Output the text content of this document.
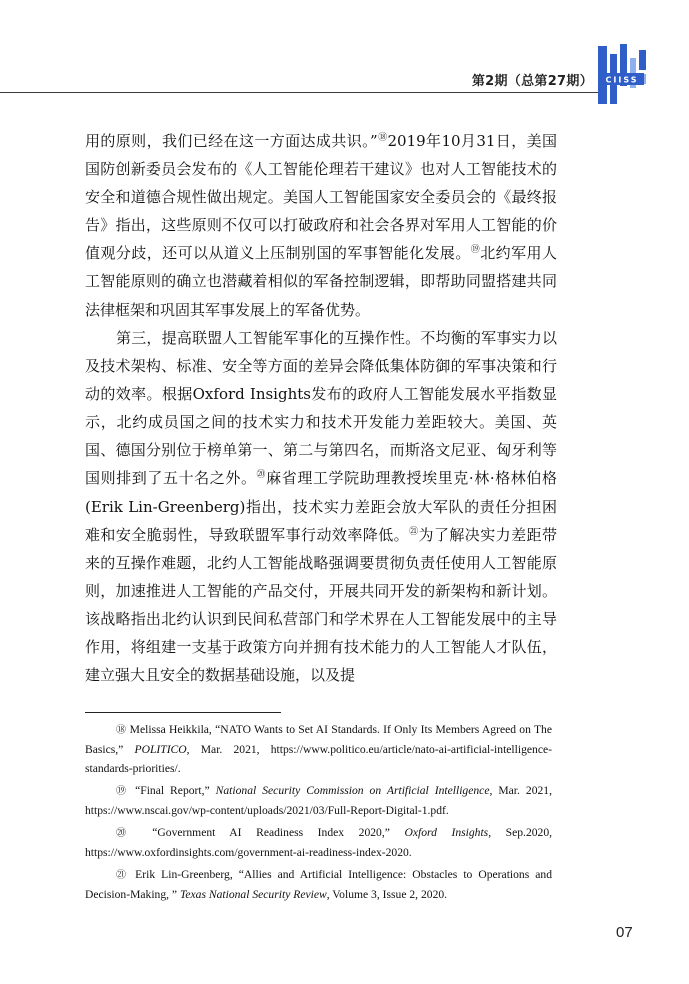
第2期（总第27期） CIISS

用的原则，我们已经在这一方面达成共识。”⑱2019年10月31日，美国国防创新委员会发布的《人工智能伦理若干建议》也对人工智能技术的安全和道德合规性做出规定。美国人工智能国家安全委员会的《最终报告》指出，这些原则不仅可以打破政府和社会各界对军用人工智能的价值观分歧，还可以从道义上压制别国的军事智能化发展。⑲北约军用人工智能原则的确立也潜藏着相似的军备控制逻辑，即帮助同盟搭建共同法律框架和巩固其军事发展上的军备优势。

第三，提高联盟人工智能军事化的互操作性。不均衡的军事实力以及技术架构、标准、安全等方面的差异会降低集体防御的军事决策和行动的效率。根据Oxford Insights发布的政府人工智能发展水平指数显示，北约成员国之间的技术实力和技术开发能力差距较大。美国、英国、德国分别位于榜单第一、第二与第四名，而斯洛文尼亚、匈牙利等国则排到了五十名之外。⑳麻省理工学院助理教授埃里克·林·格林伯格(Erik Lin-Greenberg)指出，技术实力差距会放大军队的责任分担困难和安全脆弱性，导致联盟军事行动效率降低。$^㉑$为了解决实力差距带来的互操作难题，北约人工智能战略强调要贯彻负责任使用人工智能原则，加速推进人工智能的产品交付，开展共同开发的新架构和新计划。该战略指出北约认识到民间私营部门和学术界在人工智能发展中的主导作用，将组建一支基于政策方向并拥有技术能力的人工智能人才队伍，建立强大且安全的数据基础设施，以及提

⑱ Melissa Heikkila, “NATO Wants to Set AI Standards. If Only Its Members Agreed on The Basics,” POLITICO, Mar. 2021, https://www.politico.eu/article/nato-ai-artificial-intelligence-standards-priorities/.

⑲ “Final Report,” National Security Commission on Artificial Intelligence, Mar. 2021, https://www.nscai.gov/wp-content/uploads/2021/03/Full-Report-Digital-1.pdf.

⑳ “Government AI Readiness Index 2020,” Oxford Insights, Sep.2020, https://www.oxfordinsights.com/government-ai-readiness-index-2020.

㉑ Erik Lin-Greenberg, “Allies and Artificial Intelligence: Obstacles to Operations and Decision-Making, ” Texas National Security Review, Volume 3, Issue 2, 2020.

07
